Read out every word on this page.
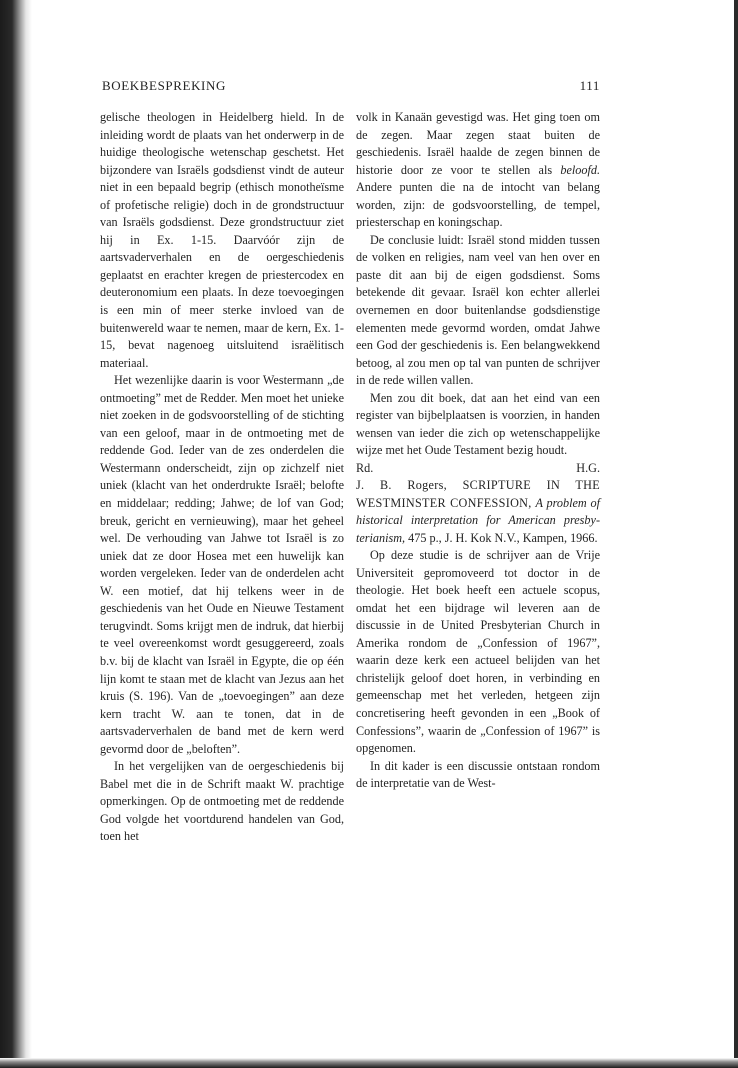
BOEKBESPREKING	111

gelische theologen in Heidelberg hield. In de inleiding wordt de plaats van het onderwerp in de huidige theologische wetenschap geschetst. Het bijzondere van Israëls godsdienst vindt de auteur niet in een bepaald begrip (ethisch monotheïsme of profetische religie) doch in de grondstructuur van Israëls godsdienst. Deze grondstructuur ziet hij in Ex. 1-15. Daarvóór zijn de aartsvaderverhalen en de oergeschiedenis geplaatst en erachter kregen de priestercodex en deuteronomium een plaats. In deze toevoegingen is een min of meer sterke invloed van de buitenwereld waar te nemen, maar de kern, Ex. 1-15, bevat nagenoeg uitsluitend israëlitisch materiaal.

Het wezenlijke daarin is voor Westermann „de ontmoeting” met de Redder. Men moet het unieke niet zoeken in de godsvoorstelling of de stichting van een geloof, maar in de ontmoeting met de reddende God. Ieder van de zes onderdelen die Westermann onderscheidt, zijn op zichzelf niet uniek (klacht van het onderdrukte Israël; belofte en middelaar; redding; Jahwe; de lof van God; breuk, gericht en vernieuwing), maar het geheel wel. De verhouding van Jahwe tot Israël is zo uniek dat ze door Hosea met een huwelijk kan worden vergeleken. Ieder van de onderdelen acht W. een motief, dat hij telkens weer in de geschiedenis van het Oude en Nieuwe Testament terugvindt. Soms krijgt men de indruk, dat hierbij te veel overeenkomst wordt gesuggereerd, zoals b.v. bij de klacht van Israël in Egypte, die op één lijn komt te staan met de klacht van Jezus aan het kruis (S. 196). Van de „toevoegingen” aan deze kern tracht W. aan te tonen, dat in de aartsvaderverhalen de band met de kern werd gevormd door de „beloften”.

In het vergelijken van de oergeschiedenis bij Babel met die in de Schrift maakt W. prachtige opmerkingen. Op de ontmoeting met de reddende God volgde het voortdurend handelen van God, toen het

volk in Kanaän gevestigd was. Het ging toen om de zegen. Maar zegen staat buiten de geschiedenis. Israël haalde de zegen binnen de historie door ze voor te stellen als beloofd. Andere punten die na de intocht van belang worden, zijn: de godsvoorstelling, de tempel, priesterschap en koningschap.

De conclusie luidt: Israël stond midden tussen de volken en religies, nam veel van hen over en paste dit aan bij de eigen godsdienst. Soms betekende dit gevaar. Israël kon echter allerlei overnemen en door buitenlandse godsdienstige elementen mede gevormd worden, omdat Jahwe een God der geschiedenis is. Een belangwekkend betoog, al zou men op tal van punten de schrijver in de rede willen vallen.

Men zou dit boek, dat aan het eind van een register van bijbelplaatsen is voorzien, in handen wensen van ieder die zich op wetenschappelijke wijze met het Oude Testament bezig houdt.

Rd.	H.G.

J. B. Rogers, SCRIPTURE IN THE WESTMINSTER CONFESSION, A problem of historical interpretation for American presbyterianism, 475 p., J. H. Kok N.V., Kampen, 1966.

Op deze studie is de schrijver aan de Vrije Universiteit gepromoveerd tot doctor in de theologie. Het boek heeft een actuele scopus, omdat het een bijdrage wil leveren aan de discussie in de United Presbyterian Church in Amerika rondom de „Confession of 1967”, waarin deze kerk een actueel belijden van het christelijk geloof doet horen, in verbinding en gemeenschap met het verleden, hetgeen zijn concretisering heeft gevonden in een „Book of Confessions”, waarin de „Confession of 1967” is opgenomen.

In dit kader is een discussie ontstaan rondom de interpretatie van de West-
